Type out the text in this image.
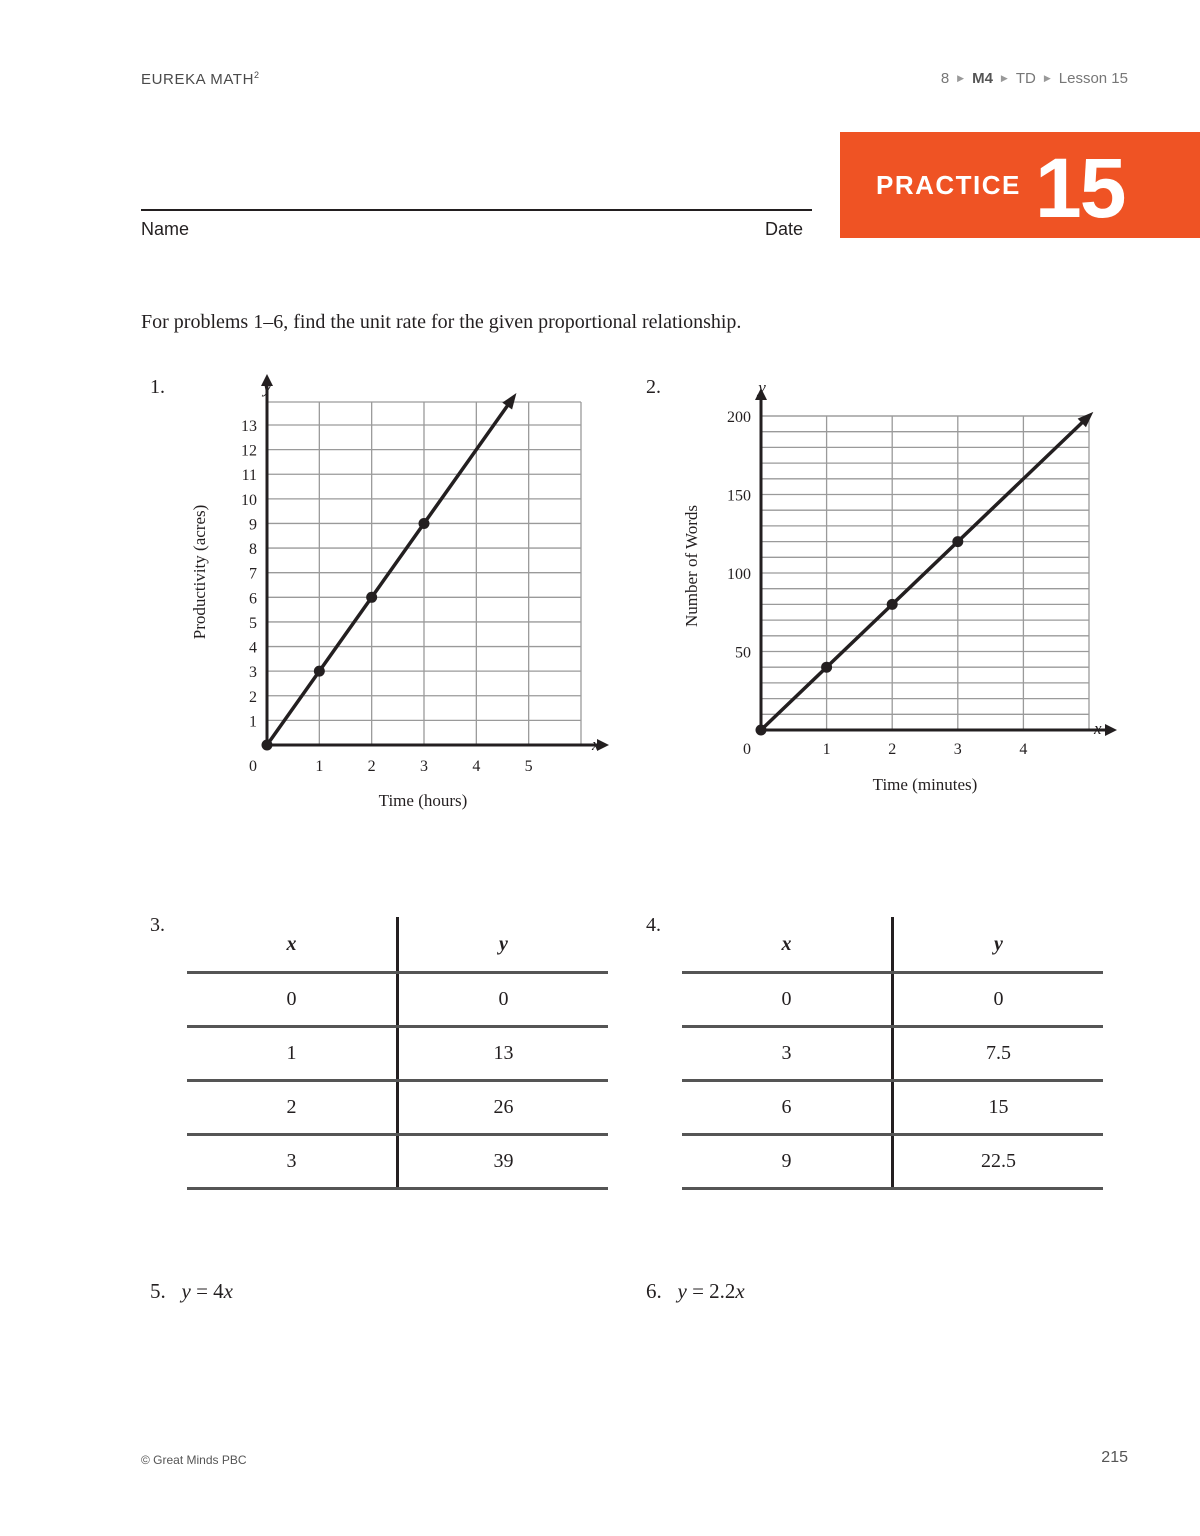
EUREKA MATH$^2$	8 ▶ M4 ▶ TD ▶ Lesson 15
PRACTICE 15
Name	Date
For problems 1–6, find the unit rate for the given proportional relationship.
1.	2.
0	1	2	3	4	5
1
2
3
4
5
6
7
8
9
10
11
12
13
y
x
Time (hours)
Productivity (acres)
0	1	2	3	4
50
100
150
200
y
x
Time (minutes)
Number of Words
3.	4.
x	y
0	0
1	13
2	26
3	39
x	y
0	0
3	7.5
6	15
9	22.5
5. y = 4x	6. y = 2.2x
© Great Minds PBC	215
